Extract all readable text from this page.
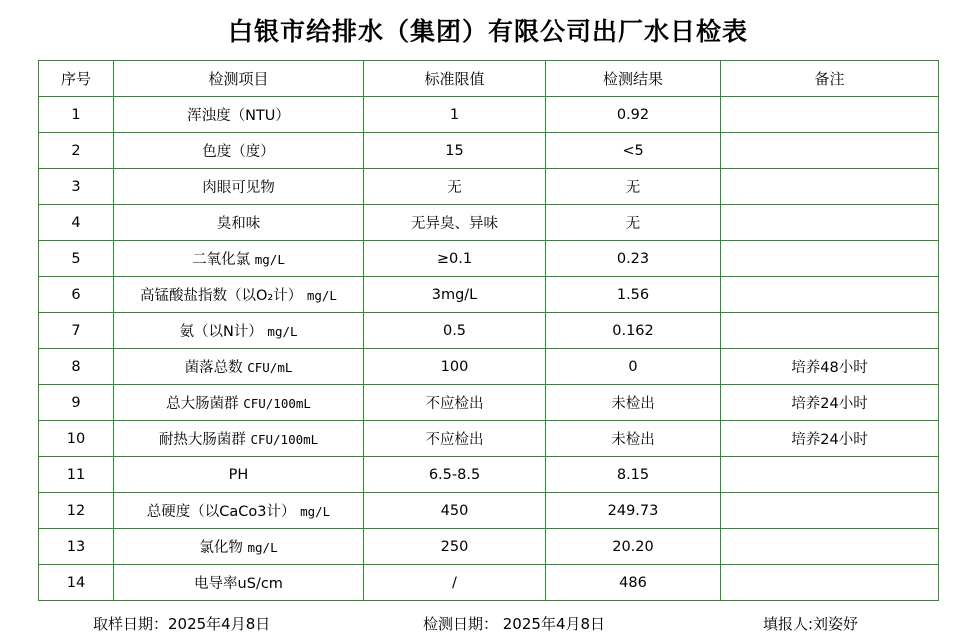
白银市给排水（集团）有限公司出厂水日检表
序号	检测项目	标准限值	检测结果	备注
1	浑浊度（NTU）	1	0.92	
2	色度（度）	15	<5	
3	肉眼可见物	无	无	
4	臭和味	无异臭、异味	无	
5	二氧化氯 mg/L	≥0.1	0.23	
6	高锰酸盐指数（以O₂计） mg/L	3mg/L	1.56	
7	氨（以N计） mg/L	0.5	0.162	
8	菌落总数 CFU/mL	100	0	培养48小时
9	总大肠菌群 CFU/100mL	不应检出	未检出	培养24小时
10	耐热大肠菌群 CFU/100mL	不应检出	未检出	培养24小时
11	PH	6.5-8.5	8.15	
12	总硬度（以CaCo3计） mg/L	450	249.73	
13	氯化物 mg/L	250	20.20	
14	电导率uS/cm	/	486	
取样日期：2025年4月8日	检测日期： 2025年4月8日	填报人:刘姿妤
